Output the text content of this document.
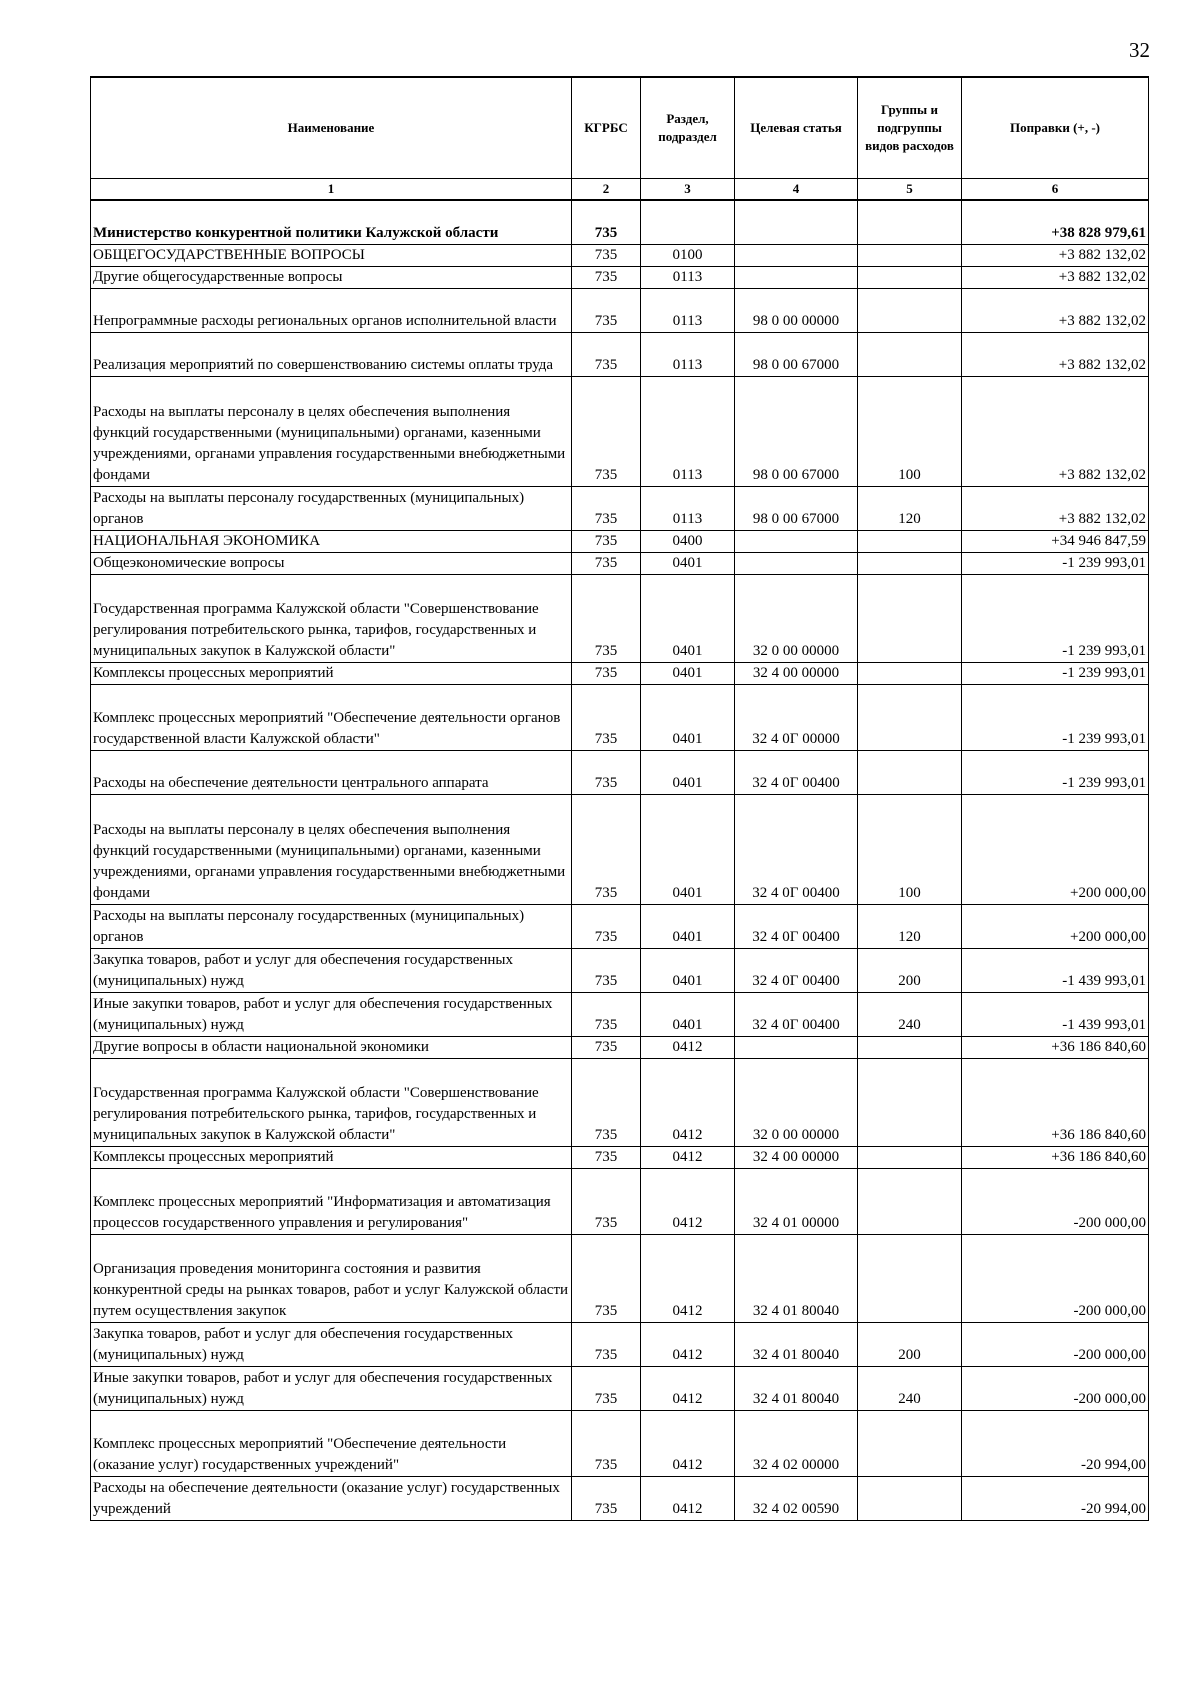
32
Наименование	КГРБС	Раздел, подраздел	Целевая статья	Группы и подгруппы видов расходов	Поправки (+, -)
1	2	3	4	5	6
Министерство конкурентной политики Калужской области	735				+38 828 979,61
ОБЩЕГОСУДАРСТВЕННЫЕ ВОПРОСЫ	735	0100			+3 882 132,02
Другие общегосударственные вопросы	735	0113			+3 882 132,02
Непрограммные расходы региональных органов исполнительной власти	735	0113	98 0 00 00000		+3 882 132,02
Реализация мероприятий по совершенствованию системы оплаты труда	735	0113	98 0 00 67000		+3 882 132,02
Расходы на выплаты персоналу в целях обеспечения выполнения функций государственными (муниципальными) органами, казенными учреждениями, органами управления государственными внебюджетными фондами	735	0113	98 0 00 67000	100	+3 882 132,02
Расходы на выплаты персоналу государственных (муниципальных) органов	735	0113	98 0 00 67000	120	+3 882 132,02
НАЦИОНАЛЬНАЯ ЭКОНОМИКА	735	0400			+34 946 847,59
Общеэкономические вопросы	735	0401			-1 239 993,01
Государственная программа Калужской области "Совершенствование регулирования потребительского рынка, тарифов, государственных и муниципальных закупок в Калужской области"	735	0401	32 0 00 00000		-1 239 993,01
Комплексы процессных мероприятий	735	0401	32 4 00 00000		-1 239 993,01
Комплекс процессных мероприятий "Обеспечение деятельности органов государственной власти Калужской области"	735	0401	32 4 0Г 00000		-1 239 993,01
Расходы на обеспечение деятельности центрального аппарата	735	0401	32 4 0Г 00400		-1 239 993,01
Расходы на выплаты персоналу в целях обеспечения выполнения функций государственными (муниципальными) органами, казенными учреждениями, органами управления государственными внебюджетными фондами	735	0401	32 4 0Г 00400	100	+200 000,00
Расходы на выплаты персоналу государственных (муниципальных) органов	735	0401	32 4 0Г 00400	120	+200 000,00
Закупка товаров, работ и услуг для обеспечения государственных (муниципальных) нужд	735	0401	32 4 0Г 00400	200	-1 439 993,01
Иные закупки товаров, работ и услуг для обеспечения государственных (муниципальных) нужд	735	0401	32 4 0Г 00400	240	-1 439 993,01
Другие вопросы в области национальной экономики	735	0412			+36 186 840,60
Государственная программа Калужской области "Совершенствование регулирования потребительского рынка, тарифов, государственных и муниципальных закупок в Калужской области"	735	0412	32 0 00 00000		+36 186 840,60
Комплексы процессных мероприятий	735	0412	32 4 00 00000		+36 186 840,60
Комплекс процессных мероприятий "Информатизация и автоматизация процессов государственного управления и регулирования"	735	0412	32 4 01 00000		-200 000,00
Организация проведения мониторинга состояния и развития конкурентной среды на рынках товаров, работ и услуг Калужской области путем осуществления закупок	735	0412	32 4 01 80040		-200 000,00
Закупка товаров, работ и услуг для обеспечения государственных (муниципальных) нужд	735	0412	32 4 01 80040	200	-200 000,00
Иные закупки товаров, работ и услуг для обеспечения государственных (муниципальных) нужд	735	0412	32 4 01 80040	240	-200 000,00
Комплекс процессных мероприятий "Обеспечение деятельности (оказание услуг) государственных учреждений"	735	0412	32 4 02 00000		-20 994,00
Расходы на обеспечение деятельности (оказание услуг) государственных учреждений	735	0412	32 4 02 00590		-20 994,00
